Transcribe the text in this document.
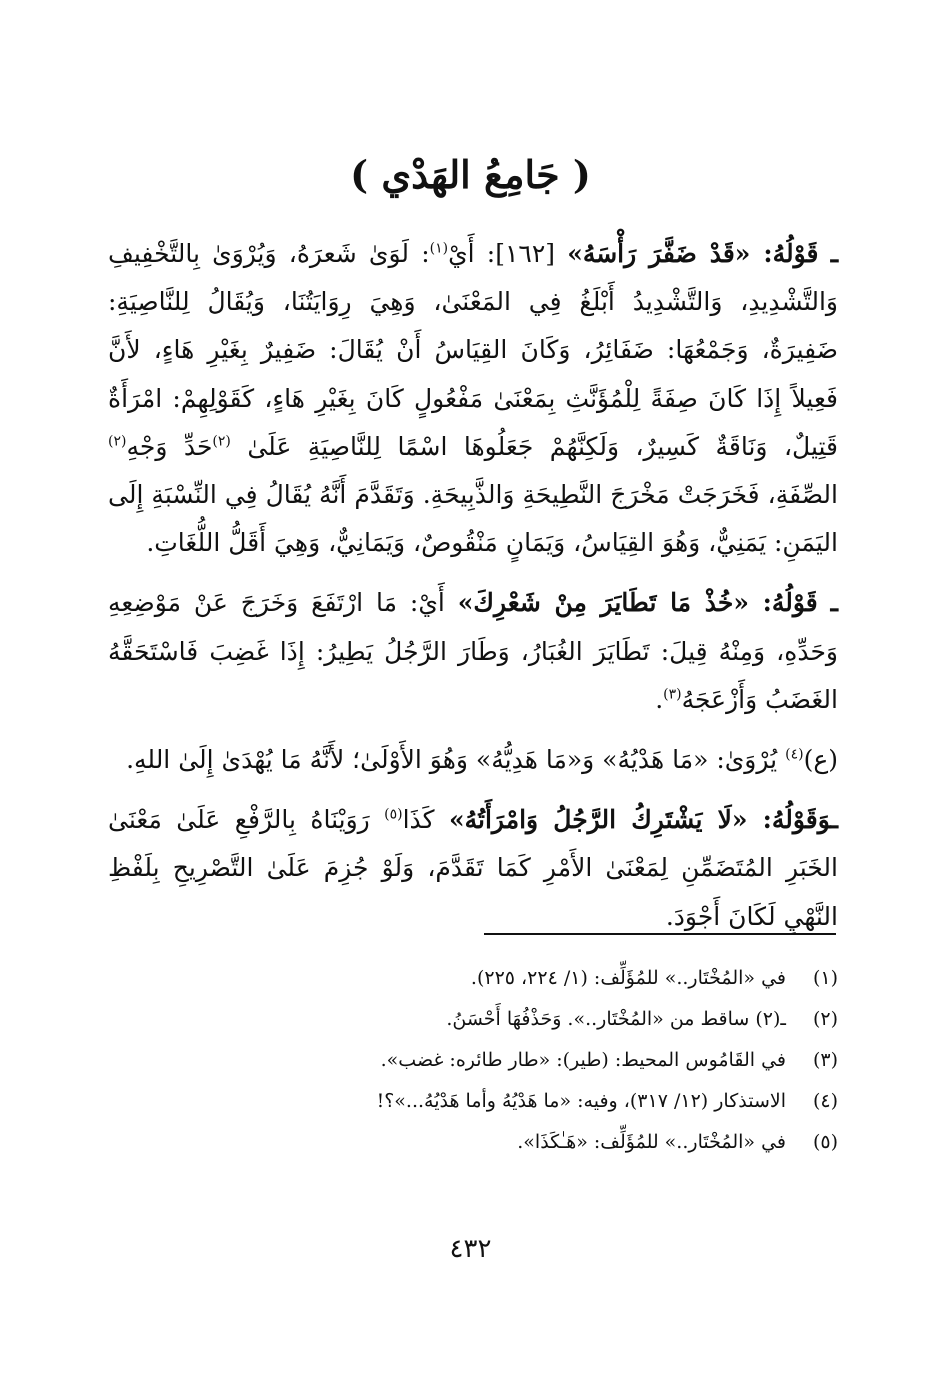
( جَامِعُ الهَدْي )

ـ قَوْلُهُ: «قَدْ ضَفَّرَ رَأْسَهُ» [١٦٢]: أَيْ$^{(١)}$: لَوَىٰ شَعرَهُ، وَيُرْوَىٰ بِالتَّخْفِيفِ وَالتَّشْدِيدِ، وَالتَّشْدِيدُ أَبْلَغُ فِي المَعْنَىٰ، وَهِيَ رِوَايَتُنَا، وَيُقَالُ لِلنَّاصِيَةِ: ضَفِيرَةٌ، وَجَمْعُهَا: ضَفَائِرُ، وَكَانَ القِيَاسُ أَنْ يُقَالَ: ضَفِيرٌ بِغَيْرِ هَاءٍ، لأَنَّ فَعِيلاً إِذَا كَانَ صِفَةً لِلْمُؤَنَّثِ بِمَعْنَىٰ مَفْعُولٍ كَانَ بِغَيْرِ هَاءٍ، كَقَوْلِهِمْ: امْرَأَةٌ قَتِيلٌ، وَنَاقَةٌ كَسِيرٌ، وَلَكِنَّهُمْ جَعَلُوهَا اسْمًا لِلنَّاصِيَةِ عَلَىٰ $^{(٢)}$حَدِّ وَجْهِ$^{(٢)}$ الصِّفَةِ، فَخَرَجَتْ مَخْرَجَ النَّطِيحَةِ وَالذَّبِيحَةِ. وَتَقَدَّمَ أَنَّهُ يُقَالُ فِي النِّسْبَةِ إِلَى اليَمَنِ: يَمَنِيٌّ، وَهُوَ القِيَاسُ، وَيَمَانٍ مَنْقُوصٌ، وَيَمَانِيٌّ، وَهِيَ أَقَلُّ اللُّغَاتِ.

ـ قَوْلُهُ: «خُذْ مَا تَطَايَرَ مِنْ شَعْرِكَ» أَيْ: مَا ارْتَفَعَ وَخَرَجَ عَنْ مَوْضِعِهِ وَحَدِّهِ، وَمِنْهُ قِيلَ: تَطَايَرَ الغُبَارُ، وَطَارَ الرَّجُلُ يَطِيرُ: إِذَا غَضِبَ فَاسْتَحَقَّهُ الغَضَبُ وَأَزْعَجَهُ$^{(٣)}$.

(ع)$^{(٤)}$ يُرْوَىٰ: «مَا هَدْيُهُ» وَ«مَا هَدِيُّهُ» وَهُوَ الأَوْلَىٰ؛ لأَنَّهُ مَا يُهْدَىٰ إِلَىٰ اللهِ.

ـوَقَوْلُهُ: «لَا يَشْتَرِكُ الرَّجُلُ وَامْرَأَتُهُ» كَذَا$^{(٥)}$ رَوَيْنَاهُ بِالرَّفْعِ عَلَىٰ مَعْنَىٰ الخَبَرِ المُتَضَمِّنِ لِمَعْنَىٰ الأَمْرِ كَمَا تَقَدَّمَ، وَلَوْ جُزِمَ عَلَىٰ التَّصْرِيحِ بِلَفْظِ النَّهْيِ لَكَانَ أَجْوَدَ.

(١)
في «المُخْتَار..» للمُؤَلِّف: (١/ ٢٢٤، ٢٢٥).
(٢)
ـ(٢) ساقط من «المُخْتَار..». وَحَذْفُهَا أَحْسَنُ.
(٣)
في القَامُوس المحيط: (طير): «طار طائره: غضب».
(٤)
الاستذكار (١٢/ ٣١٧)، وفيه: «ما هَدْيُهُ وأما هَدْيُهُ...»؟!
(٥)
في «المُخْتَار..» للمُؤَلِّف: «هَـٰكَذَا».
٤٣٢
